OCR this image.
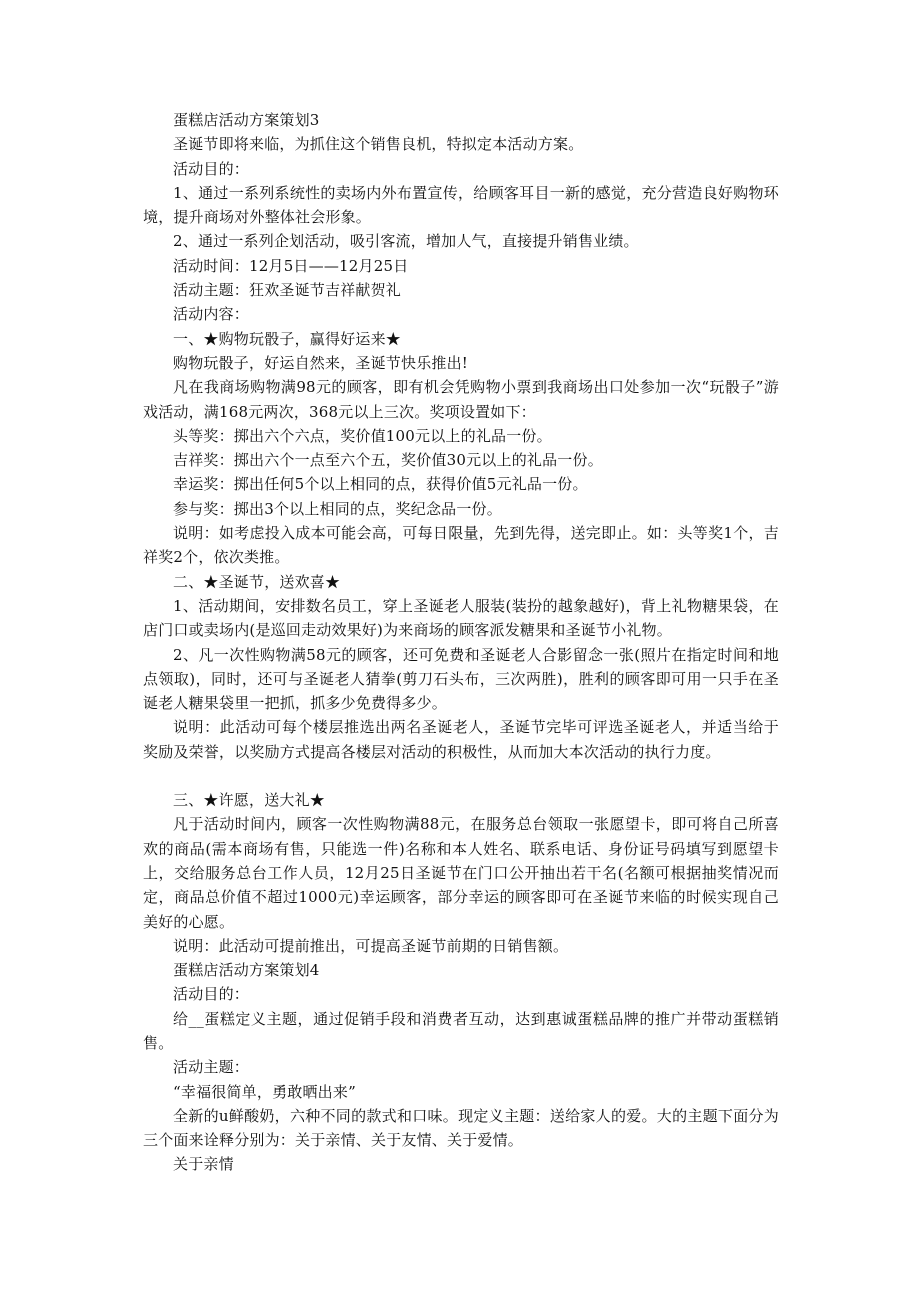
蛋糕店活动方案策划3

圣诞节即将来临，为抓住这个销售良机，特拟定本活动方案。

活动目的：

1、通过一系列系统性的卖场内外布置宣传，给顾客耳目一新的感觉，充分营造良好购物环境，提升商场对外整体社会形象。

2、通过一系列企划活动，吸引客流，增加人气，直接提升销售业绩。

活动时间：12月5日——12月25日

活动主题：狂欢圣诞节吉祥献贺礼

活动内容：

一、★购物玩骰子，赢得好运来★

购物玩骰子，好运自然来，圣诞节快乐推出!

凡在我商场购物满98元的顾客，即有机会凭购物小票到我商场出口处参加一次“玩骰子”游戏活动，满168元两次，368元以上三次。奖项设置如下：

头等奖：掷出六个六点，奖价值100元以上的礼品一份。

吉祥奖：掷出六个一点至六个五，奖价值30元以上的礼品一份。

幸运奖：掷出任何5个以上相同的点，获得价值5元礼品一份。

参与奖：掷出3个以上相同的点，奖纪念品一份。

说明：如考虑投入成本可能会高，可每日限量，先到先得，送完即止。如：头等奖1个，吉祥奖2个，依次类推。

二、★圣诞节，送欢喜★

1、活动期间，安排数名员工，穿上圣诞老人服装(装扮的越象越好)，背上礼物糖果袋，在店门口或卖场内(是巡回走动效果好)为来商场的顾客派发糖果和圣诞节小礼物。

2、凡一次性购物满58元的顾客，还可免费和圣诞老人合影留念一张(照片在指定时间和地点领取)，同时，还可与圣诞老人猜拳(剪刀石头布，三次两胜)，胜利的顾客即可用一只手在圣诞老人糖果袋里一把抓，抓多少免费得多少。

说明：此活动可每个楼层推选出两名圣诞老人，圣诞节完毕可评选圣诞老人，并适当给于奖励及荣誉，以奖励方式提高各楼层对活动的积极性，从而加大本次活动的执行力度。

三、★许愿，送大礼★

凡于活动时间内，顾客一次性购物满88元，在服务总台领取一张愿望卡，即可将自己所喜欢的商品(需本商场有售，只能选一件)名称和本人姓名、联系电话、身份证号码填写到愿望卡上，交给服务总台工作人员，12月25日圣诞节在门口公开抽出若干名(名额可根据抽奖情况而定，商品总价值不超过1000元)幸运顾客，部分幸运的顾客即可在圣诞节来临的时候实现自己美好的心愿。

说明：此活动可提前推出，可提高圣诞节前期的日销售额。

蛋糕店活动方案策划4

活动目的：

给__蛋糕定义主题，通过促销手段和消费者互动，达到惠诚蛋糕品牌的推广并带动蛋糕销售。

活动主题：

“幸福很简单，勇敢晒出来”

全新的u鲜酸奶，六种不同的款式和口味。现定义主题：送给家人的爱。大的主题下面分为三个面来诠释分别为：关于亲情、关于友情、关于爱情。

关于亲情
